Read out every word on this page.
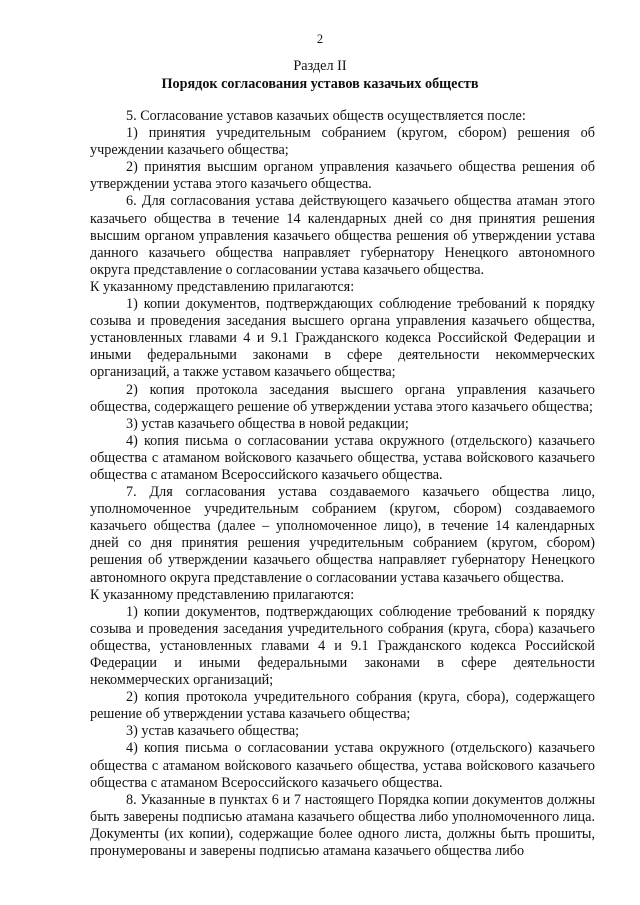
2
Раздел II
Порядок согласования уставов казачьих обществ

5. Согласование уставов казачьих обществ осуществляется после:

1) принятия учредительным собранием (кругом, сбором) решения об учреждении казачьего общества;

2) принятия высшим органом управления казачьего общества решения об утверждении устава этого казачьего общества.

6. Для согласования устава действующего казачьего общества атаман этого казачьего общества в течение 14 календарных дней со дня принятия решения высшим органом управления казачьего общества решения об утверждении устава данного казачьего общества направляет губернатору Ненецкого автономного округа представление о согласовании устава казачьего общества.

К указанному представлению прилагаются:

1) копии документов, подтверждающих соблюдение требований к порядку созыва и проведения заседания высшего органа управления казачьего общества, установленных главами 4 и 9.1 Гражданского кодекса Российской Федерации и иными федеральными законами в сфере деятельности некоммерческих организаций, а также уставом казачьего общества;

2) копия протокола заседания высшего органа управления казачьего общества, содержащего решение об утверждении устава этого казачьего общества;

3) устав казачьего общества в новой редакции;

4) копия письма о согласовании устава окружного (отдельского) казачьего общества с атаманом войскового казачьего общества, устава войскового казачьего общества с атаманом Всероссийского казачьего общества.

7. Для согласования устава создаваемого казачьего общества лицо, уполномоченное учредительным собранием (кругом, сбором) создаваемого казачьего общества (далее – уполномоченное лицо), в течение 14 календарных дней со дня принятия решения учредительным собранием (кругом, сбором) решения об утверждении казачьего общества направляет губернатору Ненецкого автономного округа представление о согласовании устава казачьего общества.

К указанному представлению прилагаются:

1) копии документов, подтверждающих соблюдение требований к порядку созыва и проведения заседания учредительного собрания (круга, сбора) казачьего общества, установленных главами 4 и 9.1 Гражданского кодекса Российской Федерации и иными федеральными законами в сфере деятельности некоммерческих организаций;

2) копия протокола учредительного собрания (круга, сбора), содержащего решение об утверждении устава казачьего общества;

3) устав казачьего общества;

4) копия письма о согласовании устава окружного (отдельского) казачьего общества с атаманом войскового казачьего общества, устава войскового казачьего общества с атаманом Всероссийского казачьего общества.

8. Указанные в пунктах 6 и 7 настоящего Порядка копии документов должны быть заверены подписью атамана казачьего общества либо уполномоченного лица. Документы (их копии), содержащие более одного листа, должны быть прошиты, пронумерованы и заверены подписью атамана казачьего общества либо
